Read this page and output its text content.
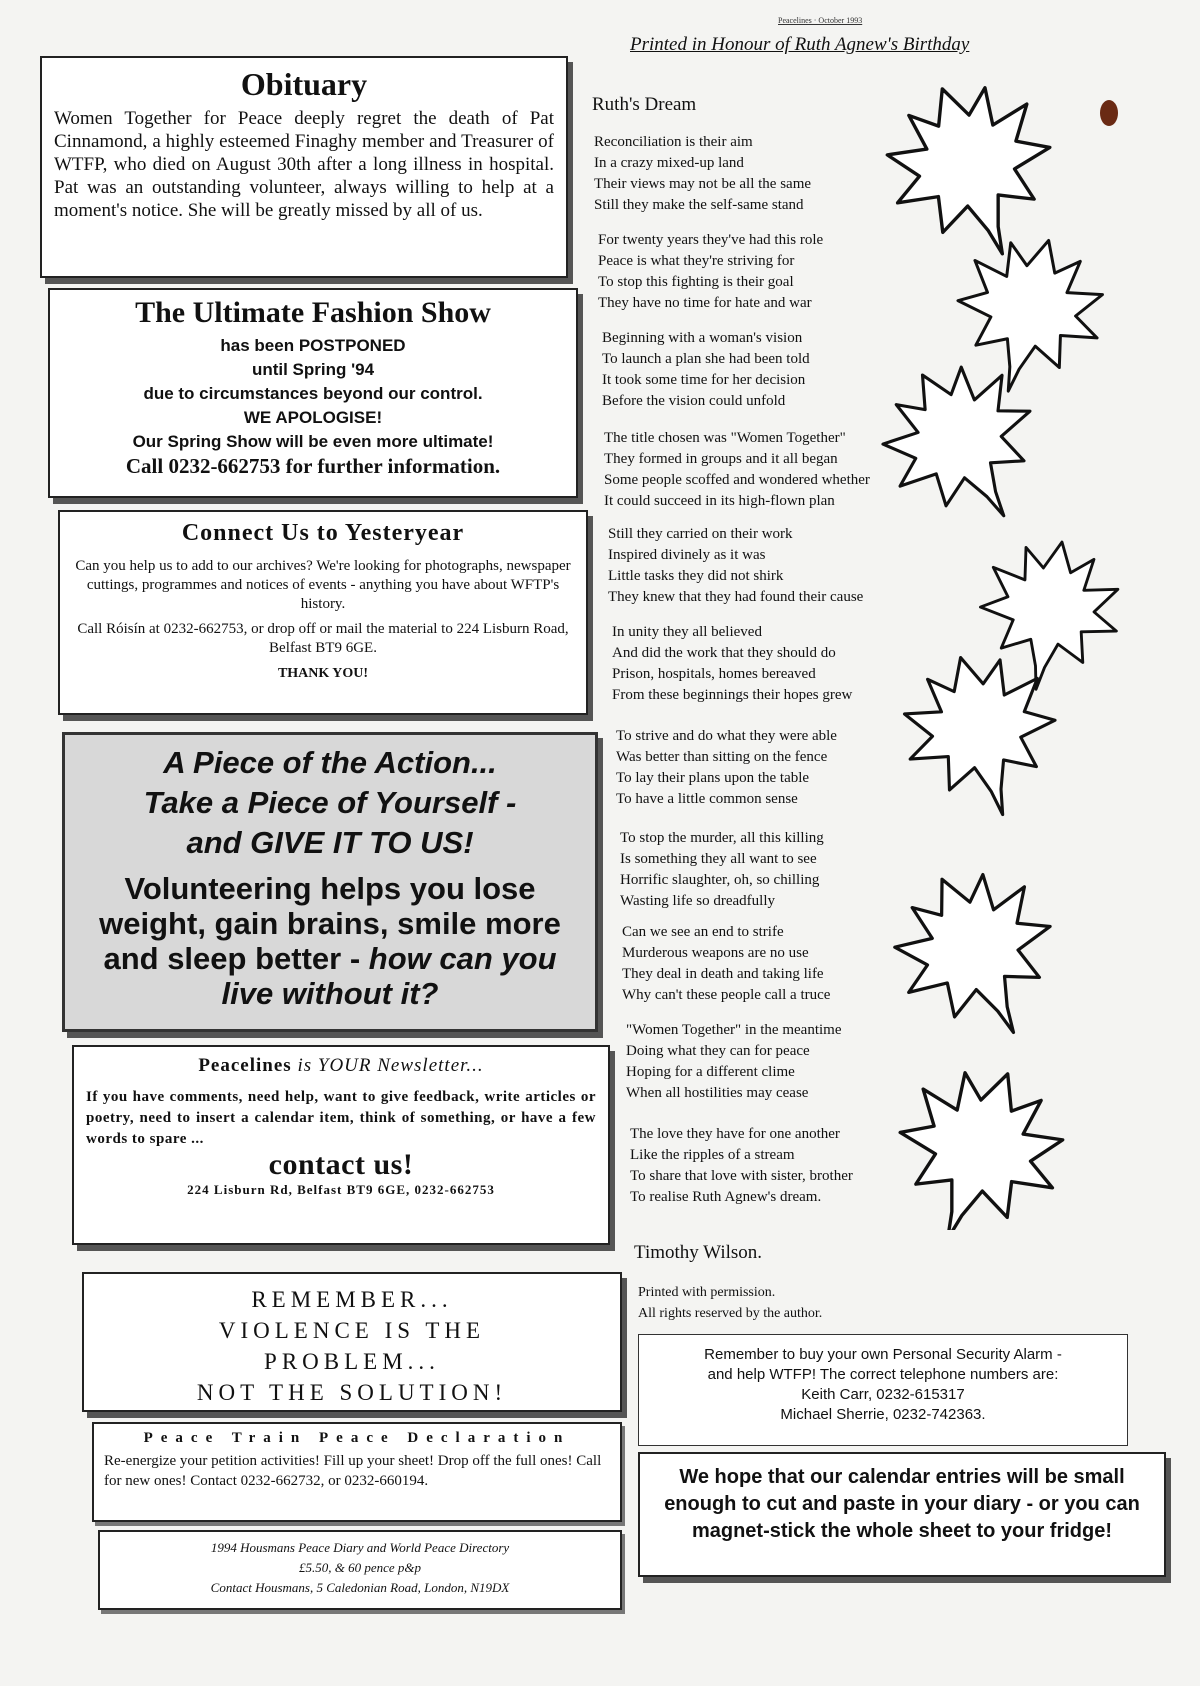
Obituary

Women Together for Peace deeply regret the death of Pat Cinnamond, a highly esteemed Finaghy member and Treasurer of WTFP, who died on August 30th after a long illness in hospital. Pat was an outstanding volunteer, always willing to help at a moment's notice. She will be greatly missed by all of us.

The Ultimate Fashion Show

has been POSTPONED

until Spring '94

due to circumstances beyond our control.

WE APOLOGISE!

Our Spring Show will be even more ultimate!

Call 0232-662753 for further information.

Connect Us to Yesteryear

Can you help us to add to our archives? We're looking for photographs, newspaper cuttings, programmes and notices of events - anything you have about WFTP's history.

Call Róisín at 0232-662753, or drop off or mail the material to 224 Lisburn Road, Belfast BT9 6GE.

THANK YOU!

A Piece of the Action...

Take a Piece of Yourself -

and GIVE IT TO US!

Volunteering helps you lose weight, gain brains, smile more and sleep better - how can you live without it?

Peacelines is YOUR Newsletter...

If you have comments, need help, want to give feedback, write articles or poetry, need to insert a calendar item, think of something, or have a few words to spare ...

contact us!

224 Lisburn Rd, Belfast BT9 6GE, 0232-662753

REMEMBER...

VIOLENCE IS THE

PROBLEM...

NOT THE SOLUTION!

Peace Train Peace Declaration

Re-energize your petition activities! Fill up your sheet! Drop off the full ones! Call for new ones! Contact 0232-662732, or 0232-660194.

1994 Housmans Peace Diary and World Peace Directory

£5.50, & 60 pence p&p

Contact Housmans, 5 Caledonian Road, London, N19DX

Peacelines · October 1993
Printed in Honour of Ruth Agnew's Birthday
Ruth's Dream
Reconciliation is their aim
In a crazy mixed-up land
Their views may not be all the same
Still they make the self-same stand
For twenty years they've had this role
Peace is what they're striving for
To stop this fighting is their goal
They have no time for hate and war
Beginning with a woman's vision
To launch a plan she had been told
It took some time for her decision
Before the vision could unfold
The title chosen was "Women Together"
They formed in groups and it all began
Some people scoffed and wondered whether
It could succeed in its high-flown plan
Still they carried on their work
Inspired divinely as it was
Little tasks they did not shirk
They knew that they had found their cause
In unity they all believed
And did the work that they should do
Prison, hospitals, homes bereaved
From these beginnings their hopes grew
To strive and do what they were able
Was better than sitting on the fence
To lay their plans upon the table
To have a little common sense
To stop the murder, all this killing
Is something they all want to see
Horrific slaughter, oh, so chilling
Wasting life so dreadfully
Can we see an end to strife
Murderous weapons are no use
They deal in death and taking life
Why can't these people call a truce
"Women Together" in the meantime
Doing what they can for peace
Hoping for a different clime
When all hostilities may cease
The love they have for one another
Like the ripples of a stream
To share that love with sister, brother
To realise Ruth Agnew's dream.
Timothy Wilson.
Printed with permission.
All rights reserved by the author.

Remember to buy your own Personal Security Alarm -

and help WTFP! The correct telephone numbers are:

Keith Carr, 0232-615317

Michael Sherrie, 0232-742363.

We hope that our calendar entries will be small enough to cut and paste in your diary - or you can magnet-stick the whole sheet to your fridge!
